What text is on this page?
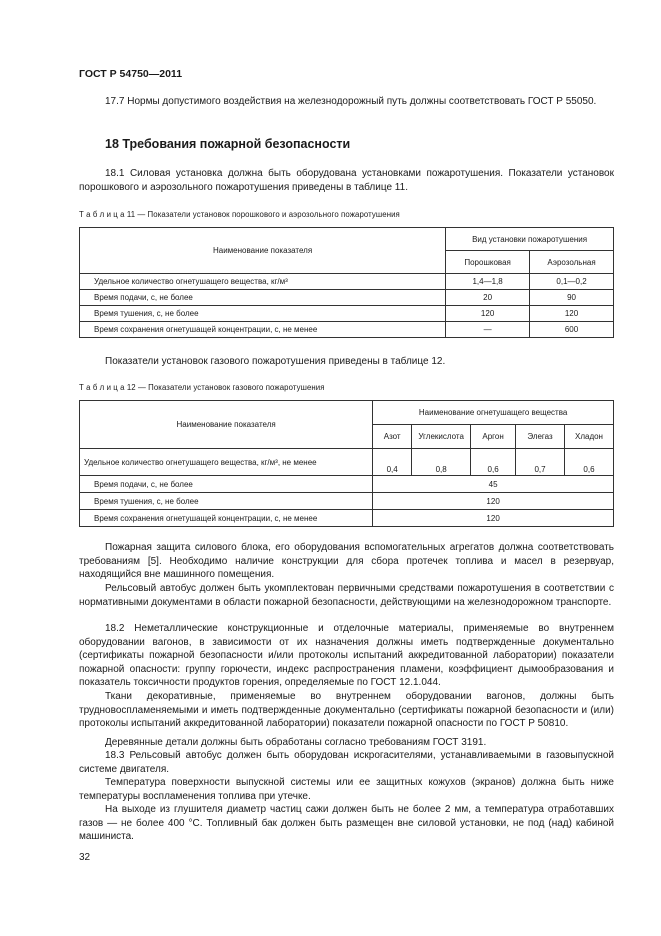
ГОСТ Р 54750—2011
17.7 Нормы допустимого воздействия на железнодорожный путь должны соответствовать ГОСТ Р 55050.
18 Требования пожарной безопасности
18.1 Силовая установка должна быть оборудована установками пожаротушения. Показатели установок порошкового и аэрозольного пожаротушения приведены в таблице 11.
Т а б л и ц а 11 — Показатели установок порошкового и аэрозольного пожаротушения
Наименование показателя	Вид установки пожаротушения	
	Порошковая	Аэрозольная
Удельное количество огнетушащего вещества, кг/м³	1,4—1,8	0,1—0,2
Время подачи, с, не более	20	90
Время тушения, с, не более	120	120
Время сохранения огнетушащей концентрации, с, не менее	—	600
Показатели установок газового пожаротушения приведены в таблице 12.
Т а б л и ц а 12 — Показатели установок газового пожаротушения
Наименование показателя	Наименование огнетушащего вещества				
	Азот	Углекислота	Аргон	Элегаз	Хладон
Удельное количество огнетушащего вещества, кг/м³, не менее	0,4	0,8	0,6	0,7	0,6
Время подачи, с, не более	45				
Время тушения, с, не более	120				
Время сохранения огнетушащей концентрации, с, не менее	120				
Пожарная защита силового блока, его оборудования вспомогательных агрегатов должна соответствовать требованиям [5]. Необходимо наличие конструкции для сбора протечек топлива и масел в резервуар, находящийся вне машинного помещения.
Рельсовый автобус должен быть укомплектован первичными средствами пожаротушения в соответствии с нормативными документами в области пожарной безопасности, действующими на железнодорожном транспорте.
18.2 Неметаллические конструкционные и отделочные материалы, применяемые во внутреннем оборудовании вагонов, в зависимости от их назначения должны иметь подтвержденные документально (сертификаты пожарной безопасности и/или протоколы испытаний аккредитованной лаборатории) показатели пожарной опасности: группу горючести, индекс распространения пламени, коэффициент дымообразования и показатель токсичности продуктов горения, определяемые по ГОСТ 12.1.044.
Ткани декоративные, применяемые во внутреннем оборудовании вагонов, должны быть трудновоспламеняемыми и иметь подтвержденные документально (сертификаты пожарной безопасности и (или) протоколы испытаний аккредитованной лаборатории) показатели пожарной опасности по ГОСТ Р 50810.
Деревянные детали должны быть обработаны согласно требованиям ГОСТ 3191.
18.3 Рельсовый автобус должен быть оборудован искрогасителями, устанавливаемыми в газовыпускной системе двигателя.
Температура поверхности выпускной системы или ее защитных кожухов (экранов) должна быть ниже температуры воспламенения топлива при утечке.
На выходе из глушителя диаметр частиц сажи должен быть не более 2 мм, а температура отработавших газов — не более 400 °С. Топливный бак должен быть размещен вне силовой установки, не под (над) кабиной машиниста.
32
